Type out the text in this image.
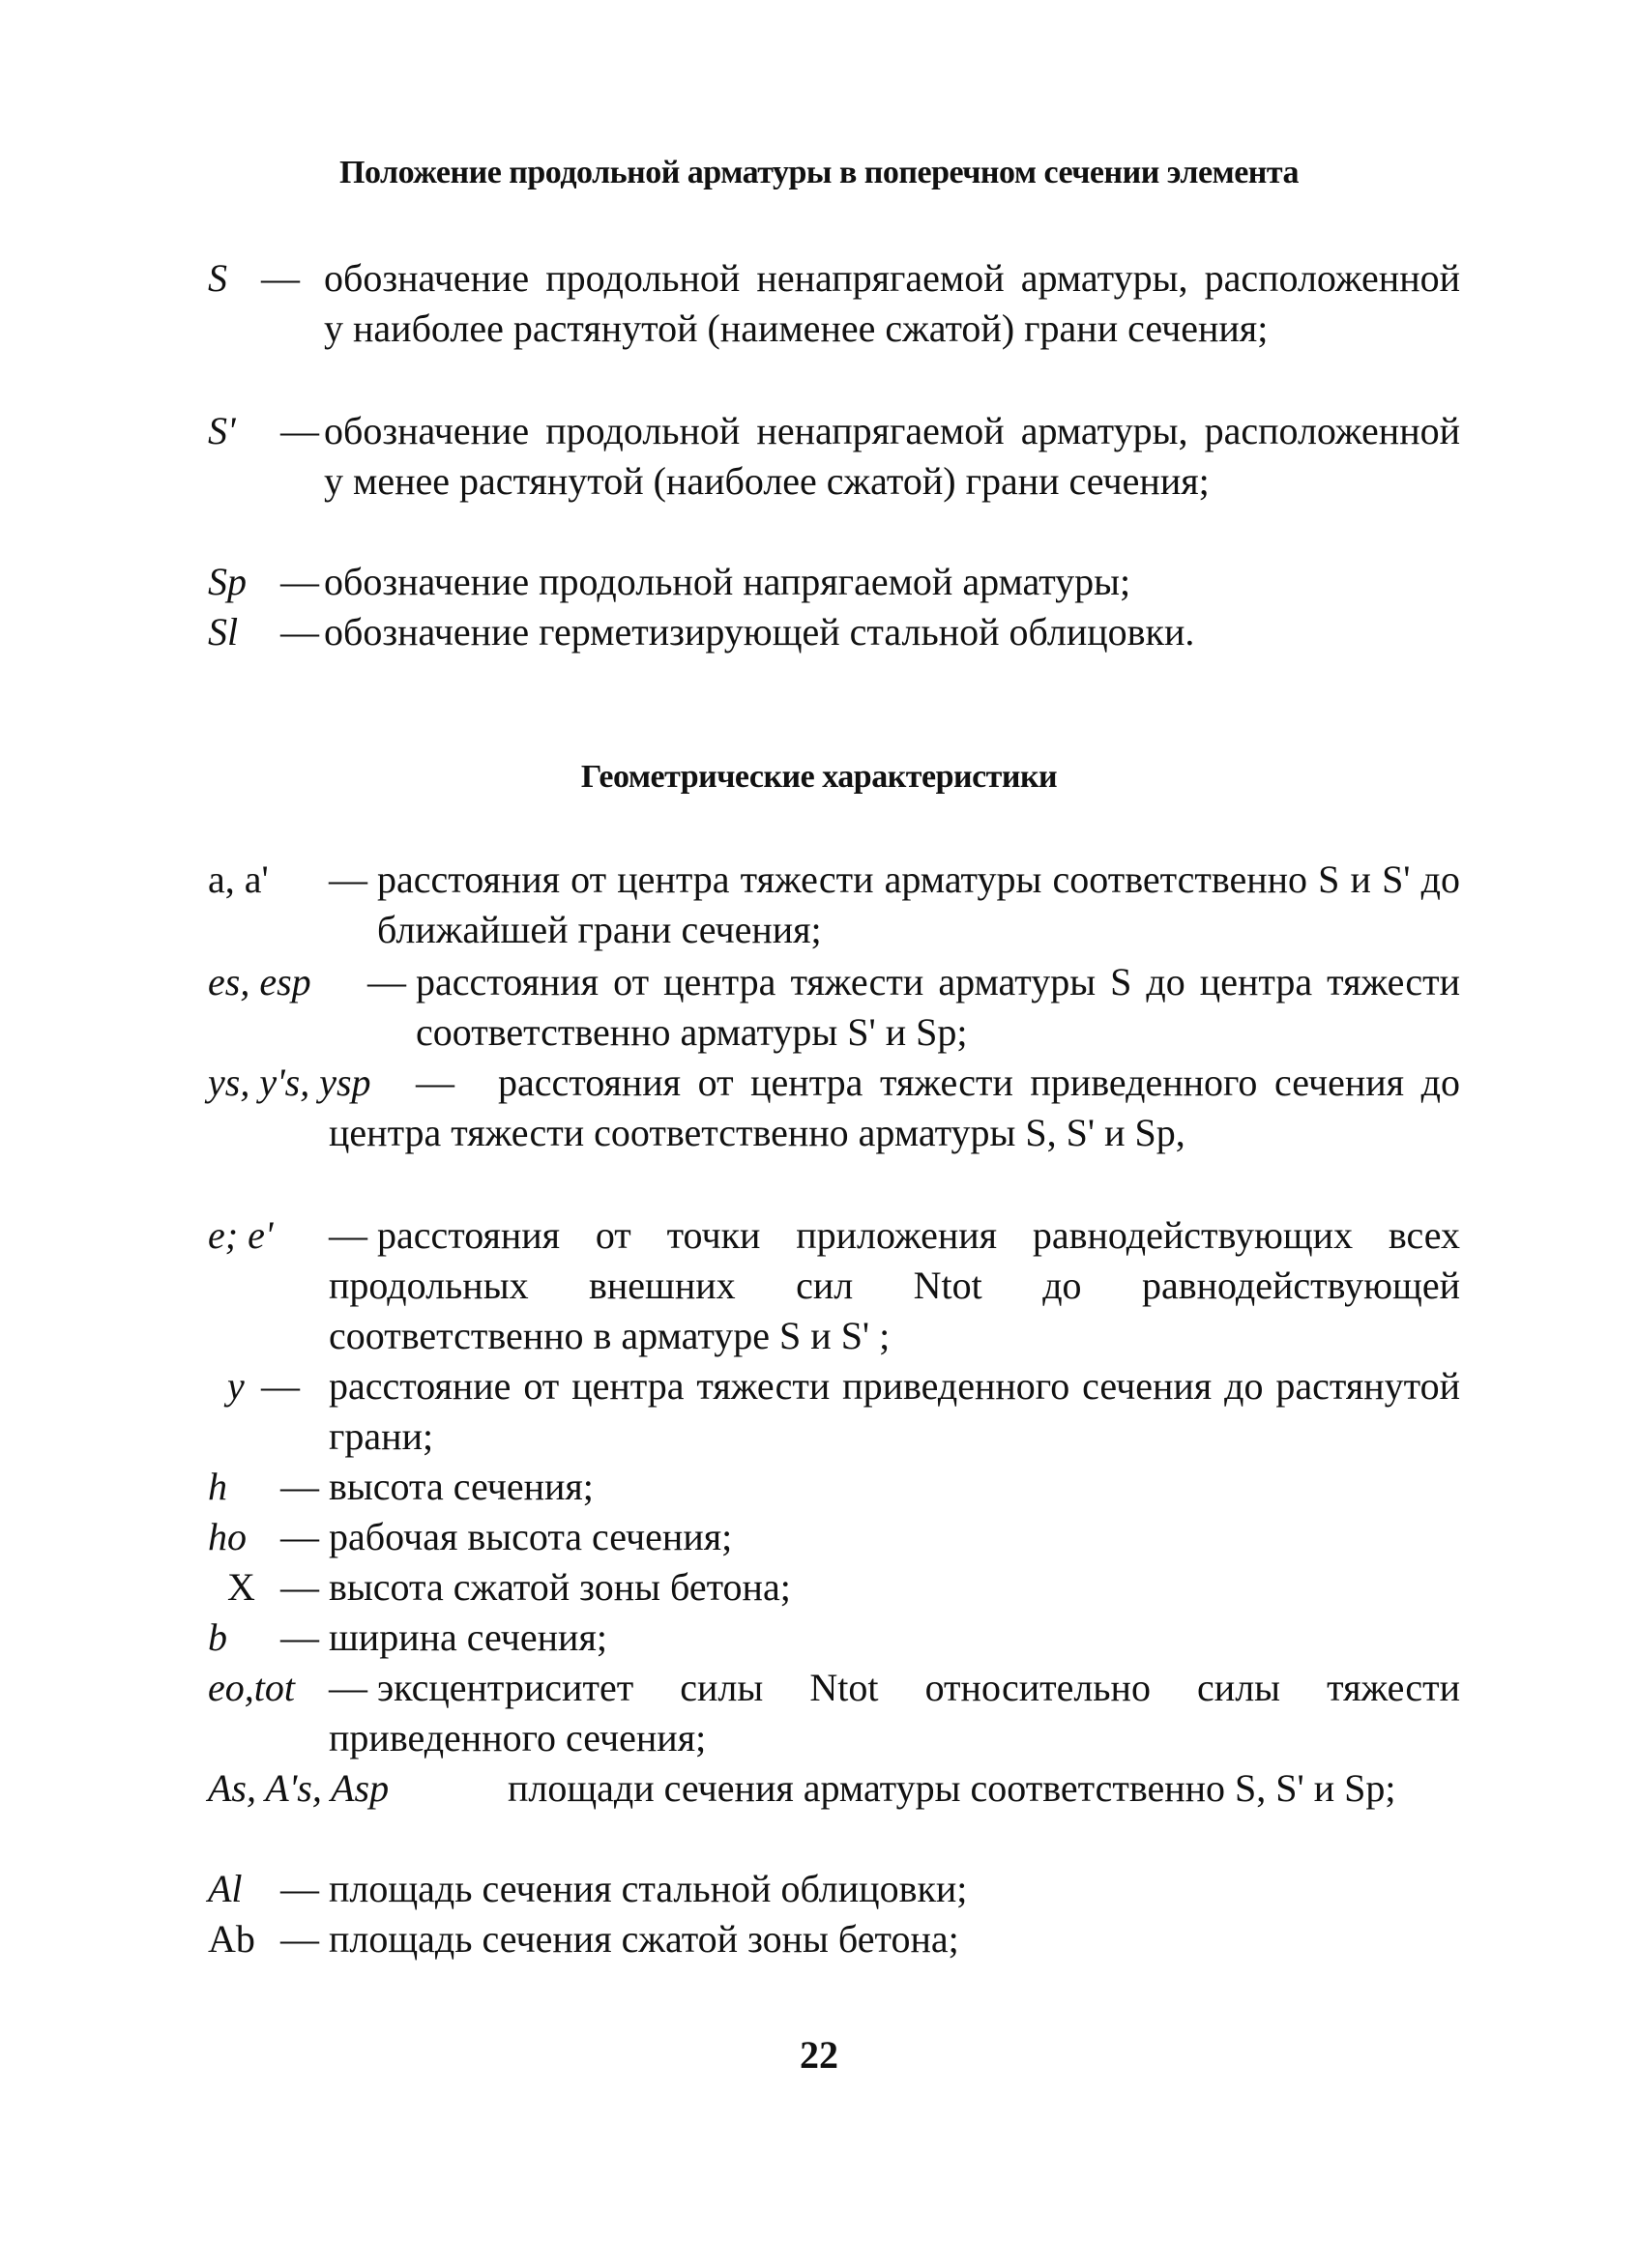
Положение продольной арматуры в поперечном сечении элемента
S — обозначение продольной ненапрягаемой арматуры, расположенной у наиболее растянутой (наименее сжатой) грани сечения;
S' — обозначение продольной ненапрягаемой арматуры, расположенной у менее растянутой (наиболее сжатой) грани сечения;
Sp — обозначение продольной напрягаемой арматуры;
Sl — обозначение герметизирующей стальной облицовки.
Геометрические характеристики
a, a' — расстояния от центра тяжести арматуры соответственно S и S' до ближайшей грани сечения;
es, esp — расстояния от центра тяжести арматуры S до центра тяжести соответственно арматуры S' и Sp;
ys, y's, ysp —	расстояния от центра тяжести приведенного сечения до центра тяжести соответственно арматуры S, S' и Sp,
e; e' — расстояния от точки приложения равнодействующих всех продольных внешних сил Ntot до равнодействующей соответственно в арматуре S и S' ;
y — расстояние от центра тяжести приведенного сечения до растянутой грани;
h — высота сечения;
ho — рабочая высота сечения;
X — высота сжатой зоны бетона;
b — ширина сечения;
eo,tot — эксцентриситет силы Ntot относительно силы тяжести приведенного сечения;
As, A's, Asp	площади сечения арматуры соответственно S, S' и Sp;
Al — площадь сечения стальной облицовки;
Ab — площадь сечения сжатой зоны бетона;
22
